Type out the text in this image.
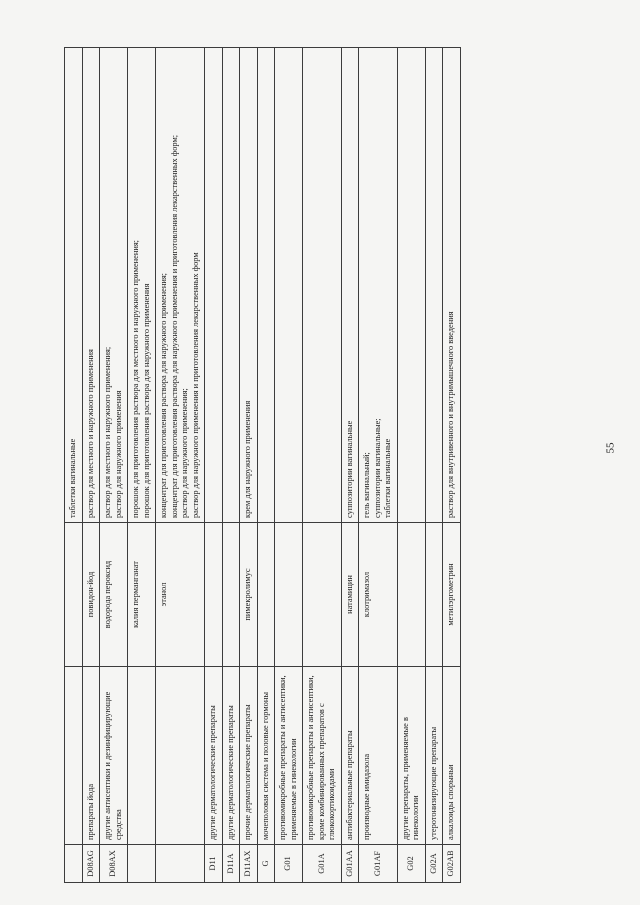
			таблетки вагинальные
D08AG	препараты йода	повидон-йод	раствор для местного и наружного применения
D08AX	другие антисептики и дезинфицирующие средства	водорода пероксид	раствор для местного и наружного применения;
раствор для наружного применения
		калия перманганат	порошок для приготовления раствора для местного и наружного применения;
порошок для приготовления раствора для наружного применения
		этанол	концентрат для приготовления раствора для наружного применения;
концентрат для приготовления раствора для наружного применения и приготовления лекарственных форм;
раствор для наружного применения;
раствор для наружного применения и приготовления лекарственных форм
D11	другие дерматологические препараты		
D11A	другие дерматологические препараты		
D11AX	прочие дерматологические препараты	пимекролимус	крем для наружного применения
G	мочеполовая система и половые гормоны		
G01	противомикробные препараты и антисептики, применяемые в гинекологии		
G01A	противомикробные препараты и антисептики, кроме комбинированных препаратов с глюкокортикоидами		
G01AA	антибактериальные препараты	натамицин	суппозитории вагинальные
G01AF	производные имидазола	клотримазол	гель вагинальный;
суппозитории вагинальные;
таблетки вагинальные
G02	другие препараты, применяемые в гинекологии		
G02A	утеротонизирующие препараты		
G02AB	алкалоиды спорыньи	метилэргометрин	раствор для внутривенного и внутримышечного введения	55
